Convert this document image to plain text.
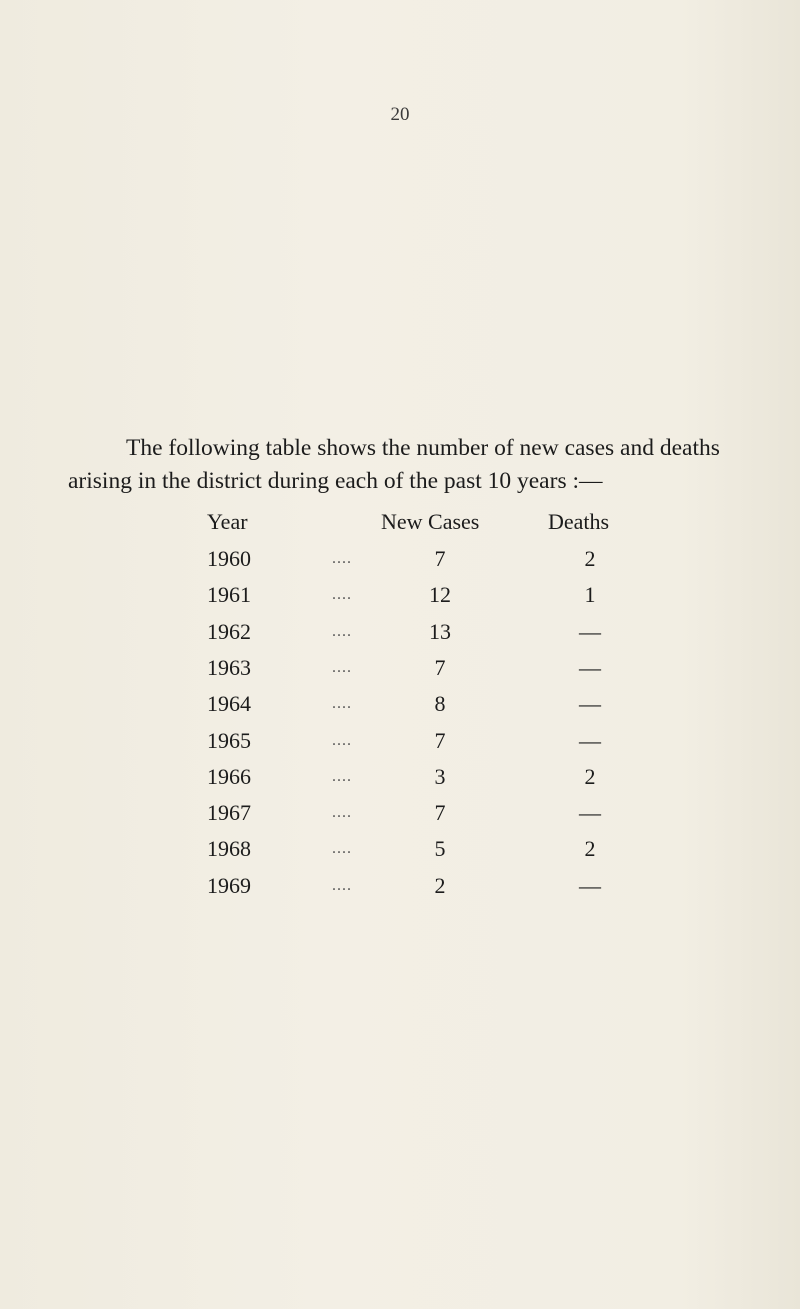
20

The following table shows the number of new cases and deaths
arising in the district during each of the past 10 years :—

Year	New Cases	Deaths
1960	....	7	2
1961	....	12	1
1962	....	13	—
1963	....	7	—
1964	....	8	—
1965	....	7	—
1966	....	3	2
1967	....	7	—
1968	....	5	2
1969	....	2	—
